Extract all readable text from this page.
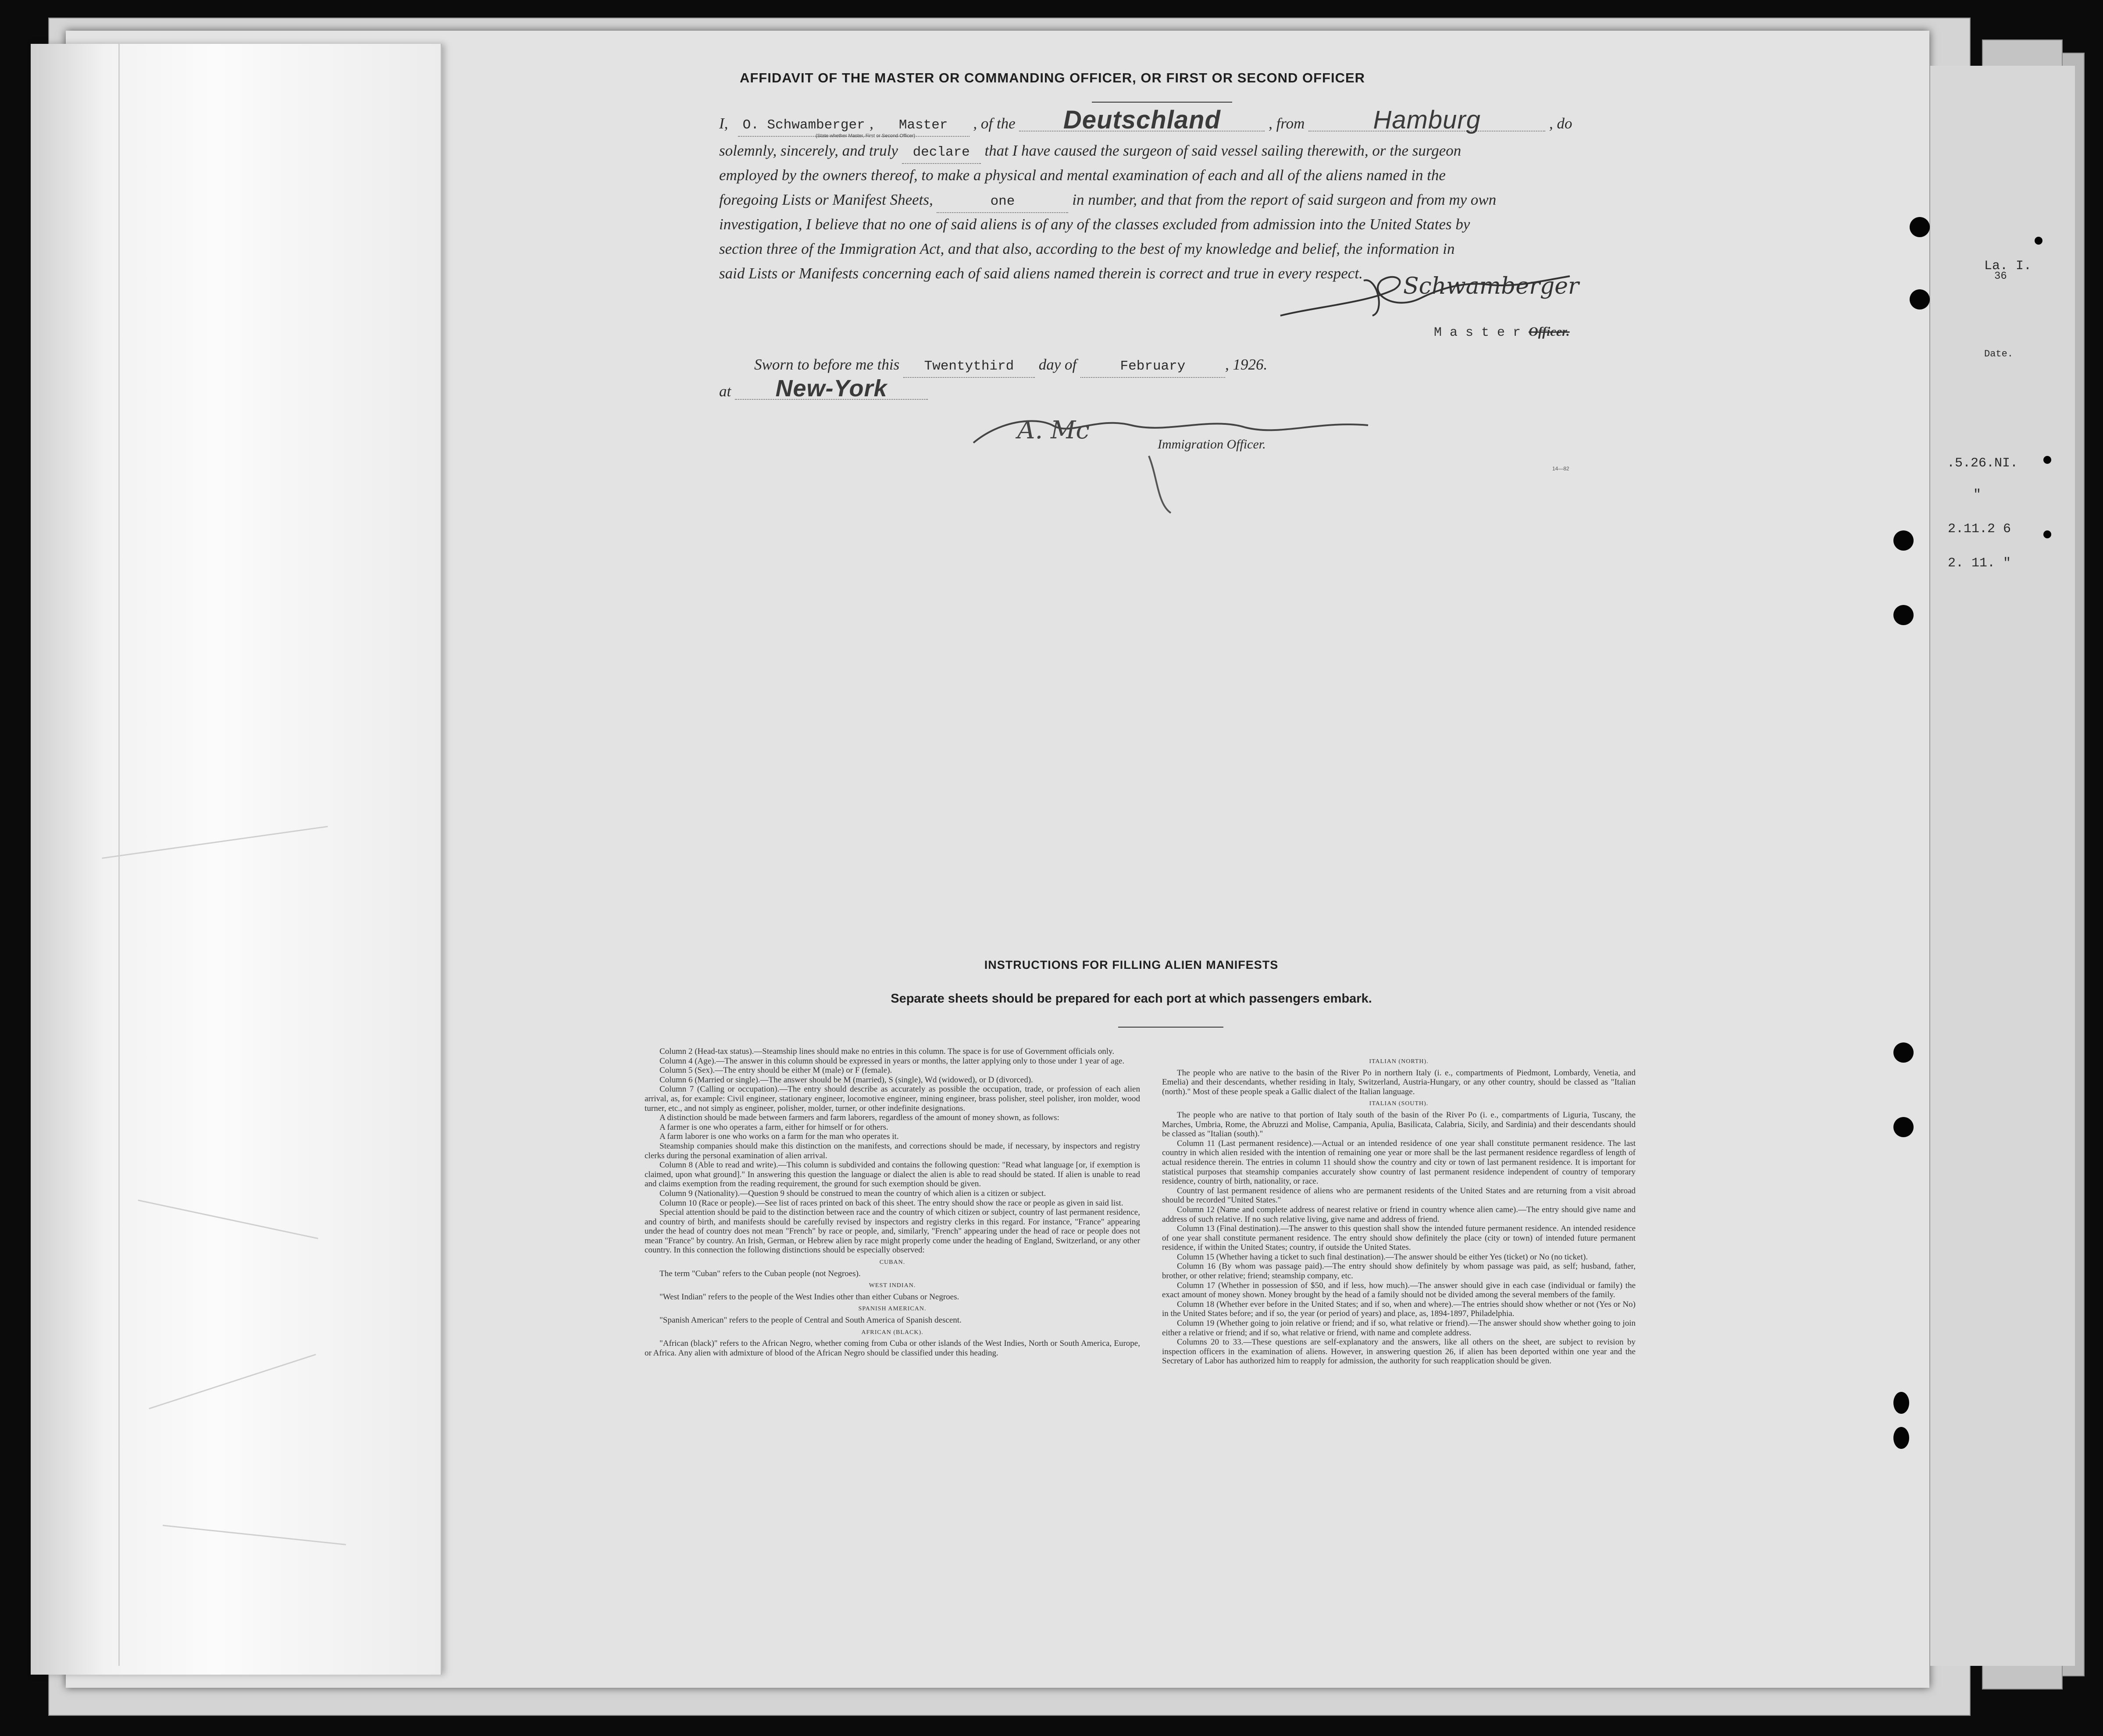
La. I.
36
Date.
.5.26.NI.
"
2.11.2 6
2. 11. "
AFFIDAVIT OF THE MASTER OR COMMANDING OFFICER, OR FIRST OR SECOND OFFICER
I, O. Schwamberger , Master , of the Deutschland	, from	Hamburg	, do
(State whether Master, First or Second Officer)
solemnly, sincerely, and truly declare that I have caused the surgeon of said vessel sailing therewith, or the surgeon
employed by the owners thereof, to make a physical and mental examination of each and all of the aliens named in the
foregoing Lists or Manifest Sheets,	one	in number, and that from the report of said surgeon and from my own
investigation, I believe that no one of said aliens is of any of the classes excluded from admission into the United States by
section three of the Immigration Act, and that also, according to the best of my knowledge and belief, the information in
said Lists or Manifests concerning each of said aliens named therein is correct and true in every respect. Schwamberger
M a s t e r Officer.
Sworn to before me this Twentythird day of	February	, 1926.
at New-York
A. Mc	Immigration Officer.
14—82
INSTRUCTIONS FOR FILLING ALIEN MANIFESTS
Separate sheets should be prepared for each port at which passengers embark.

Column 2 (Head-tax status).—Steamship lines should make no entries in this column. The space is for use of Government officials only.

Column 4 (Age).—The answer in this column should be expressed in years or months, the latter applying only to those under 1 year of age.

Column 5 (Sex).—The entry should be either M (male) or F (female).

Column 6 (Married or single).—The answer should be M (married), S (single), Wd (widowed), or D (divorced).

Column 7 (Calling or occupation).—The entry should describe as accurately as possible the occupation, trade, or profession of each alien arrival, as, for example: Civil engineer, stationary engineer, locomotive engineer, mining engineer, brass polisher, steel polisher, iron molder, wood turner, etc., and not simply as engineer, polisher, molder, turner, or other indefinite designations.

A distinction should be made between farmers and farm laborers, regardless of the amount of money shown, as follows:

A farmer is one who operates a farm, either for himself or for others.

A farm laborer is one who works on a farm for the man who operates it.

Steamship companies should make this distinction on the manifests, and corrections should be made, if necessary, by inspectors and registry clerks during the personal examination of alien arrival.

Column 8 (Able to read and write).—This column is subdivided and contains the following question: "Read what language [or, if exemption is claimed, upon what ground]." In answering this question the language or dialect the alien is able to read should be stated. If alien is unable to read and claims exemption from the reading requirement, the ground for such exemption should be given.

Column 9 (Nationality).—Question 9 should be construed to mean the country of which alien is a citizen or subject.

Column 10 (Race or people).—See list of races printed on back of this sheet. The entry should show the race or people as given in said list.

Special attention should be paid to the distinction between race and the country of which citizen or subject, country of last permanent residence, and country of birth, and manifests should be carefully revised by inspectors and registry clerks in this regard. For instance, "France" appearing under the head of country does not mean "French" by race or people, and, similarly, "French" appearing under the head of race or people does not mean "France" by country. An Irish, German, or Hebrew alien by race might properly come under the heading of England, Switzerland, or any other country. In this connection the following distinctions should be especially observed:

CUBAN.

The term "Cuban" refers to the Cuban people (not Negroes).

WEST INDIAN.

"West Indian" refers to the people of the West Indies other than either Cubans or Negroes.

SPANISH AMERICAN.

"Spanish American" refers to the people of Central and South America of Spanish descent.

AFRICAN (BLACK).

"African (black)" refers to the African Negro, whether coming from Cuba or other islands of the West Indies, North or South America, Europe, or Africa. Any alien with admixture of blood of the African Negro should be classified under this heading.

ITALIAN (NORTH).

The people who are native to the basin of the River Po in northern Italy (i. e., compartments of Piedmont, Lombardy, Venetia, and Emelia) and their descendants, whether residing in Italy, Switzerland, Austria-Hungary, or any other country, should be classed as "Italian (north)." Most of these people speak a Gallic dialect of the Italian language.

ITALIAN (SOUTH).

The people who are native to that portion of Italy south of the basin of the River Po (i. e., compartments of Liguria, Tuscany, the Marches, Umbria, Rome, the Abruzzi and Molise, Campania, Apulia, Basilicata, Calabria, Sicily, and Sardinia) and their descendants should be classed as "Italian (south)."

Column 11 (Last permanent residence).—Actual or an intended residence of one year shall constitute permanent residence. The last country in which alien resided with the intention of remaining one year or more shall be the last permanent residence regardless of length of actual residence therein. The entries in column 11 should show the country and city or town of last permanent residence. It is important for statistical purposes that steamship companies accurately show country of last permanent residence independent of country of temporary residence, country of birth, nationality, or race.

Country of last permanent residence of aliens who are permanent residents of the United States and are returning from a visit abroad should be recorded "United States."

Column 12 (Name and complete address of nearest relative or friend in country whence alien came).—The entry should give name and address of such relative. If no such relative living, give name and address of friend.

Column 13 (Final destination).—The answer to this question shall show the intended future permanent residence. An intended residence of one year shall constitute permanent residence. The entry should show definitely the place (city or town) of intended future permanent residence, if within the United States; country, if outside the United States.

Column 15 (Whether having a ticket to such final destination).—The answer should be either Yes (ticket) or No (no ticket).

Column 16 (By whom was passage paid).—The entry should show definitely by whom passage was paid, as self; husband, father, brother, or other relative; friend; steamship company, etc.

Column 17 (Whether in possession of $50, and if less, how much).—The answer should give in each case (individual or family) the exact amount of money shown. Money brought by the head of a family should not be divided among the several members of the family.

Column 18 (Whether ever before in the United States; and if so, when and where).—The entries should show whether or not (Yes or No) in the United States before; and if so, the year (or period of years) and place, as, 1894-1897, Philadelphia.

Column 19 (Whether going to join relative or friend; and if so, what relative or friend).—The answer should show whether going to join either a relative or friend; and if so, what relative or friend, with name and complete address.

Columns 20 to 33.—These questions are self-explanatory and the answers, like all others on the sheet, are subject to revision by inspection officers in the examination of aliens. However, in answering question 26, if alien has been deported within one year and the Secretary of Labor has authorized him to reapply for admission, the authority for such reapplication should be given.
